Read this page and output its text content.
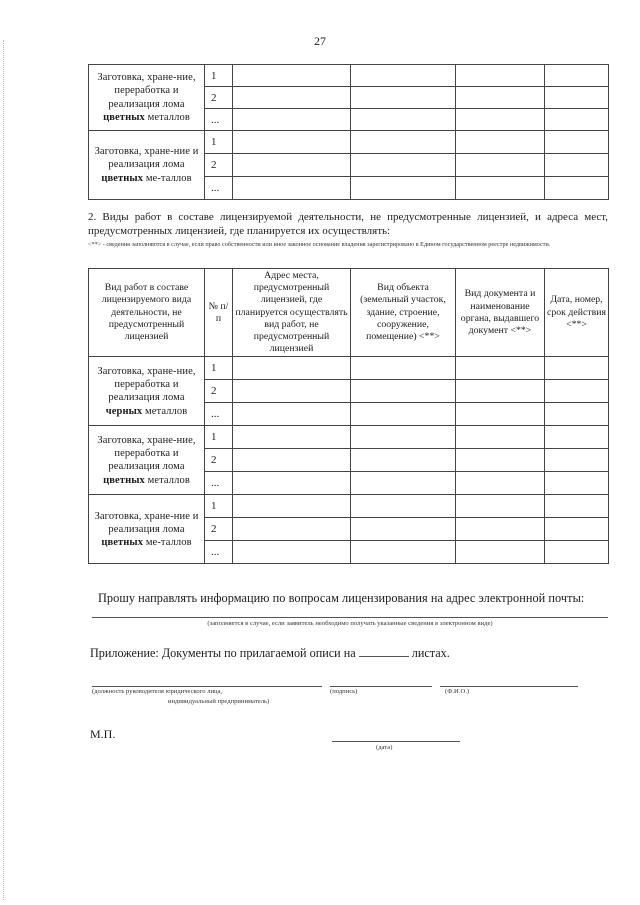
27
Заготовка, хране-ние, переработка и реализация лома цветных металлов	1				
	2				
	...				
Заготовка, хране-ние и реализация лома цветных ме-таллов	1				
	2				
	...				
2. Виды работ в составе лицензируемой деятельности, не предусмотренные лицензией, и адреса мест, предусмотренных лицензией, где планируется их осуществлять:
<**> - сведения заполняются в случае, если право собственности или иное законное основание владения зарегистрировано в Едином государственном реестре недвижимости.
Вид работ в составе лицензируемого вида деятельности, не предусмотренный лицензией	№ п/п	Адрес места, предусмотренный лицензией, где планируется осуществлять вид работ, не предусмотренный лицензией	Вид объекта (земельный участок, здание, строение, сооружение, помещение) <**>	Вид документа и наименование органа, выдавшего документ <**>	Дата, номер, срок действия <**>
Заготовка, хране-ние, переработка и реализация лома черных металлов	1				
	2				
	...				
Заготовка, хране-ние, переработка и реализация лома цветных металлов	1				
	2				
	...				
Заготовка, хране-ние и реализация лома цветных ме-таллов	1				
	2				
	...				
Прошу направлять информацию по вопросам лицензирования на адрес электронной почты:
(заполняется в случае, если заявитель необходимо получать указанные сведения в электронном виде)
Приложение: Документы по прилагаемой описи на	листах.
(должность руководителя юридического лица,
индивидуальный предприниматель)
(подпись)	(Ф.И.О.)
М.П.
(дата)
